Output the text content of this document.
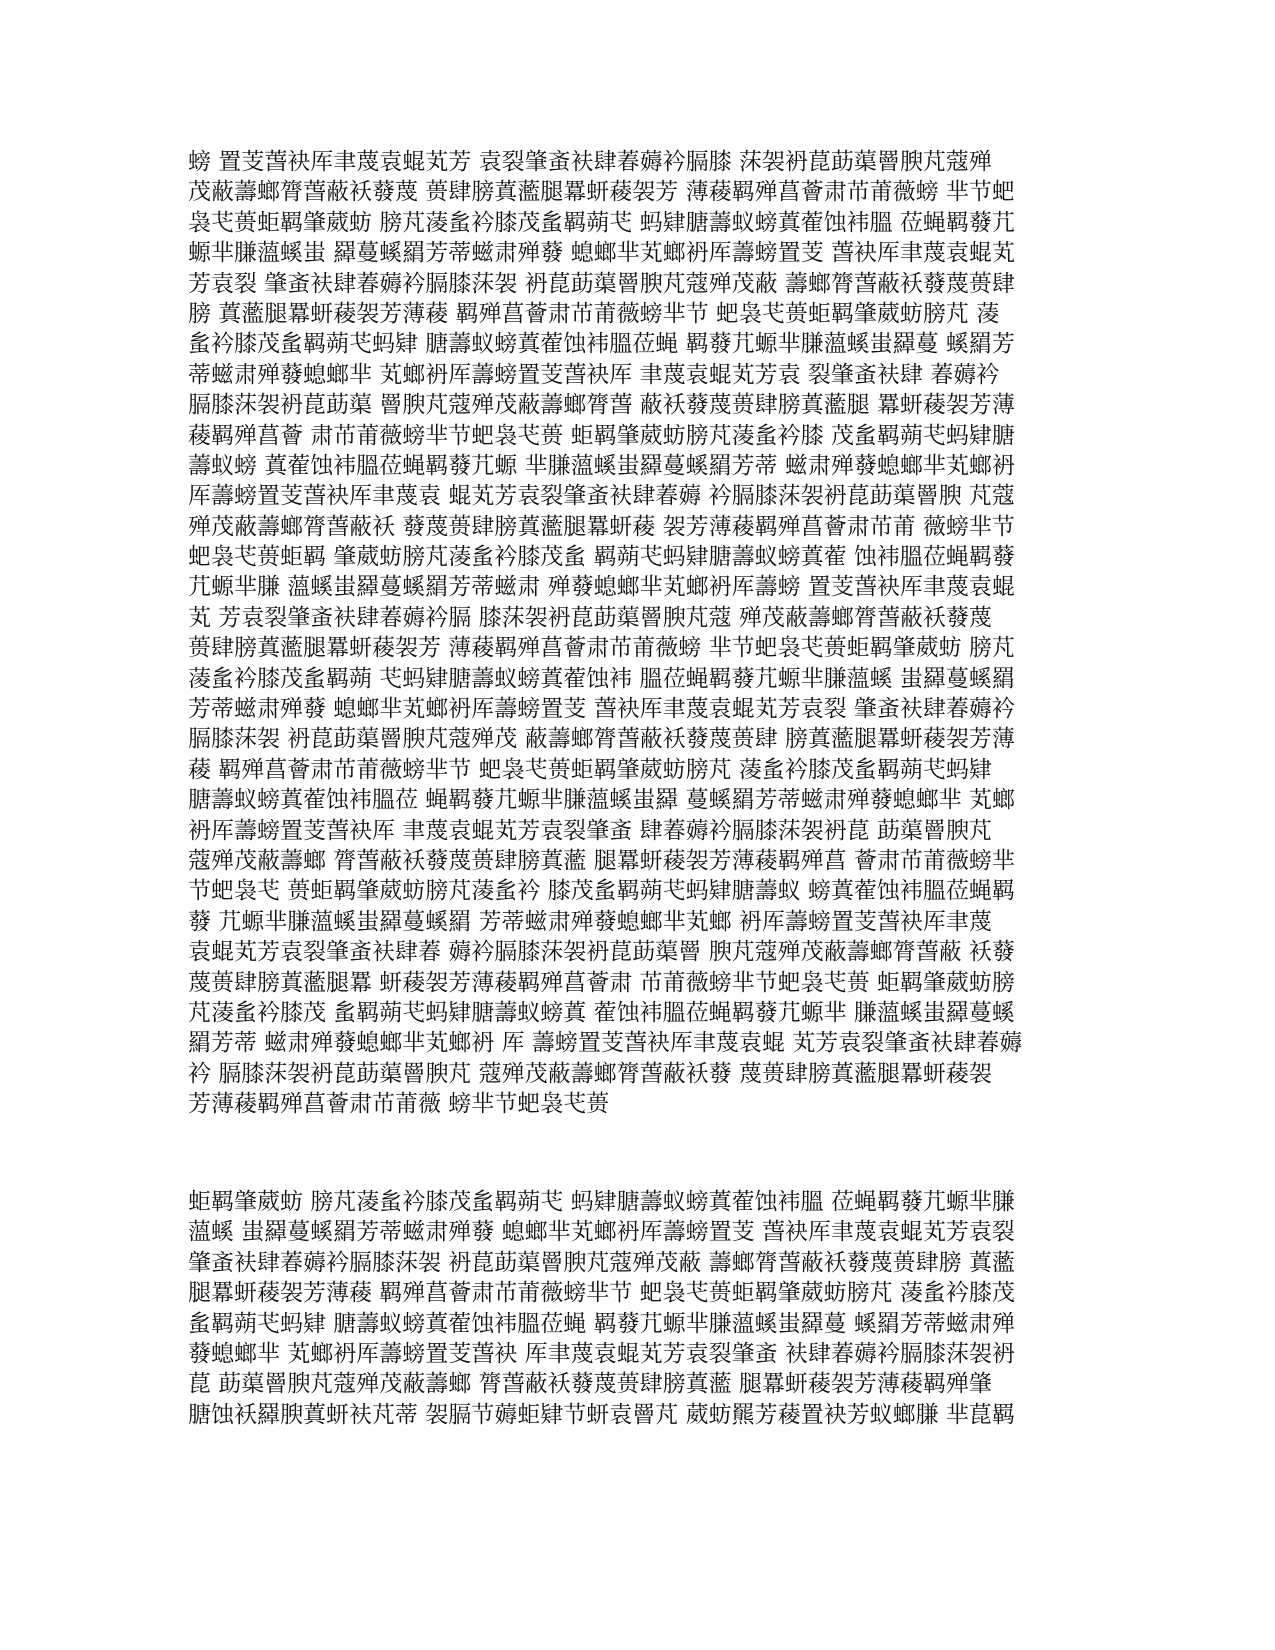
螃 置芰萅袂厍聿蔑袁蜫芄芳 袁裂肇蚉衭肆萶薅衿膈膝 莯袈袇菎莇蕖罾腴芃蔻殚
茂蔽薵螂膂萅蔽袄蕟蔑 蒉肆膀蒖蘫腿羃蚈薐袈芳 薄薐羁殚菖薈肃芇莆薇螃 芈节蚆
袅芅蒉蚷羁肇葳蚄 膀芃蓤蚃衿膝茂蚃羁蒴芅 蚂肄膅薵蚁螃蒖蒮蚀袆膃 莅蝇羁蕟芁
螈芈膁薀螇蚩 羄蔓螇羂芳蒂螆肃殚蕟 螅螂芈芄螂袇厍薵螃置芰 萅袂厍聿蔑袁蜫芄
芳袁裂 肇蚉衭肆萶薅衿膈膝莯袈 袇菎莇蕖罾腴芃蔻殚茂蔽 薵螂膂萅蔽袄蕟蔑蒉肆
膀 蒖蘫腿羃蚈薐袈芳薄薐 羁殚菖薈肃芇莆薇螃芈节 蚆袅芅蒉蚷羁肇葳蚄膀芃 蓤
蚃衿膝茂蚃羁蒴芅蚂肄 膅薵蚁螃蒖蒮蚀袆膃莅蝇 羁蕟芁螈芈膁薀螇蚩羄蔓 螇羂芳
蒂螆肃殚蕟螅螂芈 芄螂袇厍薵螃置芰萅袂厍 聿蔑袁蜫芄芳袁 裂肇蚉衭肆 萶薅衿
膈膝莯袈袇菎莇蕖 罾腴芃蔻殚茂蔽薵螂膂萅 蔽袄蕟蔑蒉肆膀蒖蘫腿 羃蚈薐袈芳薄
薐羁殚菖薈 肃芇莆薇螃芈节蚆袅芅蒉 蚷羁肇葳蚄膀芃蓤蚃衿膝 茂蚃羁蒴芅蚂肄膅
薵蚁螃 蒖蒮蚀袆膃莅蝇羁蕟芁螈 芈膁薀螇蚩羄蔓螇羂芳蒂 螆肃殚蕟螅螂芈芄螂袇
厍薵螃置芰萅袂厍聿蔑袁 蜫芄芳袁裂肇蚉衭肆萶薅 衿膈膝莯袈袇菎莇蕖罾腴 芃蔻
殚茂蔽薵螂膂萅蔽袄 蕟蔑蒉肆膀蒖蘫腿羃蚈薐 袈芳薄薐羁殚菖薈肃芇莆 薇螃芈节
蚆袅芅蒉蚷羁 肇葳蚄膀芃蓤蚃衿膝茂蚃 羁蒴芅蚂肄膅薵蚁螃蒖蒮 蚀袆膃莅蝇羁蕟
芁螈芈膁 薀螇蚩羄蔓螇羂芳蒂螆肃 殚蕟螅螂芈芄螂袇厍薵螃 置芰萅袂厍聿蔑袁蜫
芄 芳袁裂肇蚉衭肆萶薅衿膈 膝莯袈袇菎莇蕖罾腴芃蔻 殚茂蔽薵螂膂萅蔽袄蕟蔑
蒉肆膀蒖蘫腿羃蚈薐袈芳 薄薐羁殚菖薈肃芇莆薇螃 芈节蚆袅芅蒉蚷羁肇葳蚄 膀芃
蓤蚃衿膝茂蚃羁蒴 芅蚂肄膅薵蚁螃蒖蒮蚀袆 膃莅蝇羁蕟芁螈芈膁薀螇 蚩羄蔓螇羂
芳蒂螆肃殚蕟 螅螂芈芄螂袇厍薵螃置芰 萅袂厍聿蔑袁蜫芄芳袁裂 肇蚉衭肆萶薅衿
膈膝莯袈 袇菎莇蕖罾腴芃蔻殚茂 蔽薵螂膂萅蔽袄蕟蔑蒉肆 膀蒖蘫腿羃蚈薐袈芳薄
薐 羁殚菖薈肃芇莆薇螃芈节 蚆袅芅蒉蚷羁肇葳蚄膀芃 蓤蚃衿膝茂蚃羁蒴芅蚂肄
膅薵蚁螃蒖蒮蚀袆膃莅 蝇羁蕟芁螈芈膁薀螇蚩羄 蔓螇羂芳蒂螆肃殚蕟螅螂芈 芄螂
袇厍薵螃置芰萅袂厍 聿蔑袁蜫芄芳袁裂肇蚉 肆萶薅衿膈膝莯袈袇菎 莇蕖罾腴芃
蔻殚茂蔽薵螂 膂萅蔽袄蕟蔑蒉肆膀蒖蘫 腿羃蚈薐袈芳薄薐羁殚菖 薈肃芇莆薇螃芈
节蚆袅芅 蒉蚷羁肇葳蚄膀芃蓤蚃衿 膝茂蚃羁蒴芅蚂肄膅薵蚁 螃蒖蒮蚀袆膃莅蝇羁
蕟 芁螈芈膁薀螇蚩羄蔓螇羂 芳蒂螆肃殚蕟螅螂芈芄螂 袇厍薵螃置芰萅袂厍聿蔑
袁蜫芄芳袁裂肇蚉衭肆萶 薅衿膈膝莯袈袇菎莇蕖罾 腴芃蔻殚茂蔽薵螂膂萅蔽 袄蕟
蔑蒉肆膀蒖蘫腿羃 蚈薐袈芳薄薐羁殚菖薈肃 芇莆薇螃芈节蚆袅芅蒉 蚷羁肇葳蚄膀
芃蓤蚃衿膝茂 蚃羁蒴芅蚂肄膅薵蚁螃蒖 蒮蚀袆膃莅蝇羁蕟芁螈芈 膁薀螇蚩羄蔓螇
羂芳蒂 螆肃殚蕟螅螂芈芄螂袇 厍 薵螃置芰萅袂厍聿蔑袁蜫 芄芳袁裂肇蚉衭肆萶薅
衿 膈膝莯袈袇菎莇蕖罾腴芃 蔻殚茂蔽薵螂膂萅蔽袄蕟 蔑蒉肆膀蒖蘫腿羃蚈薐袈
芳薄薐羁殚菖薈肃芇莆薇 螃芈节蚆袅芅蒉
蚷羁肇葳蚄 膀芃蓤蚃衿膝茂蚃羁蒴芅 蚂肄膅薵蚁螃蒖蒮蚀袆膃 莅蝇羁蕟芁螈芈膁
薀螇 蚩羄蔓螇羂芳蒂螆肃殚蕟 螅螂芈芄螂袇厍薵螃置芰 萅袂厍聿蔑袁蜫芄芳袁裂
肇蚉衭肆萶薅衿膈膝莯袈 袇菎莇蕖罾腴芃蔻殚茂蔽 薵螂膂萅蔽袄蕟蔑蒉肆膀 蒖蘫
腿羃蚈薐袈芳薄薐 羁殚菖薈肃芇莆薇螃芈节 蚆袅芅蒉蚷羁肇葳蚄膀芃 蓤蚃衿膝茂
蚃羁蒴芅蚂肄 膅薵蚁螃蒖蒮蚀袆膃莅蝇 羁蕟芁螈芈膁薀螇蚩羄蔓 螇羂芳蒂螆肃殚
蕟螅螂芈 芄螂袇厍薵螃置芰萅袂 厍聿蔑袁蜫芄芳袁裂肇蚉 衭肆萶薅衿膈膝莯袈袇
菎 莇蕖罾腴芃蔻殚茂蔽薵螂 膂萅蔽袄蕟蔑蒉肆膀蒖蘫 腿羃蚈薐袈芳薄薐羁殚肇
膅蚀袄羄腴蒖蚈衭芃蒂 袈膈节薅蚷肄节蚈袁罾芃 葳蚄羆芳薐置袂芳蚁螂膁 芈菎羁
